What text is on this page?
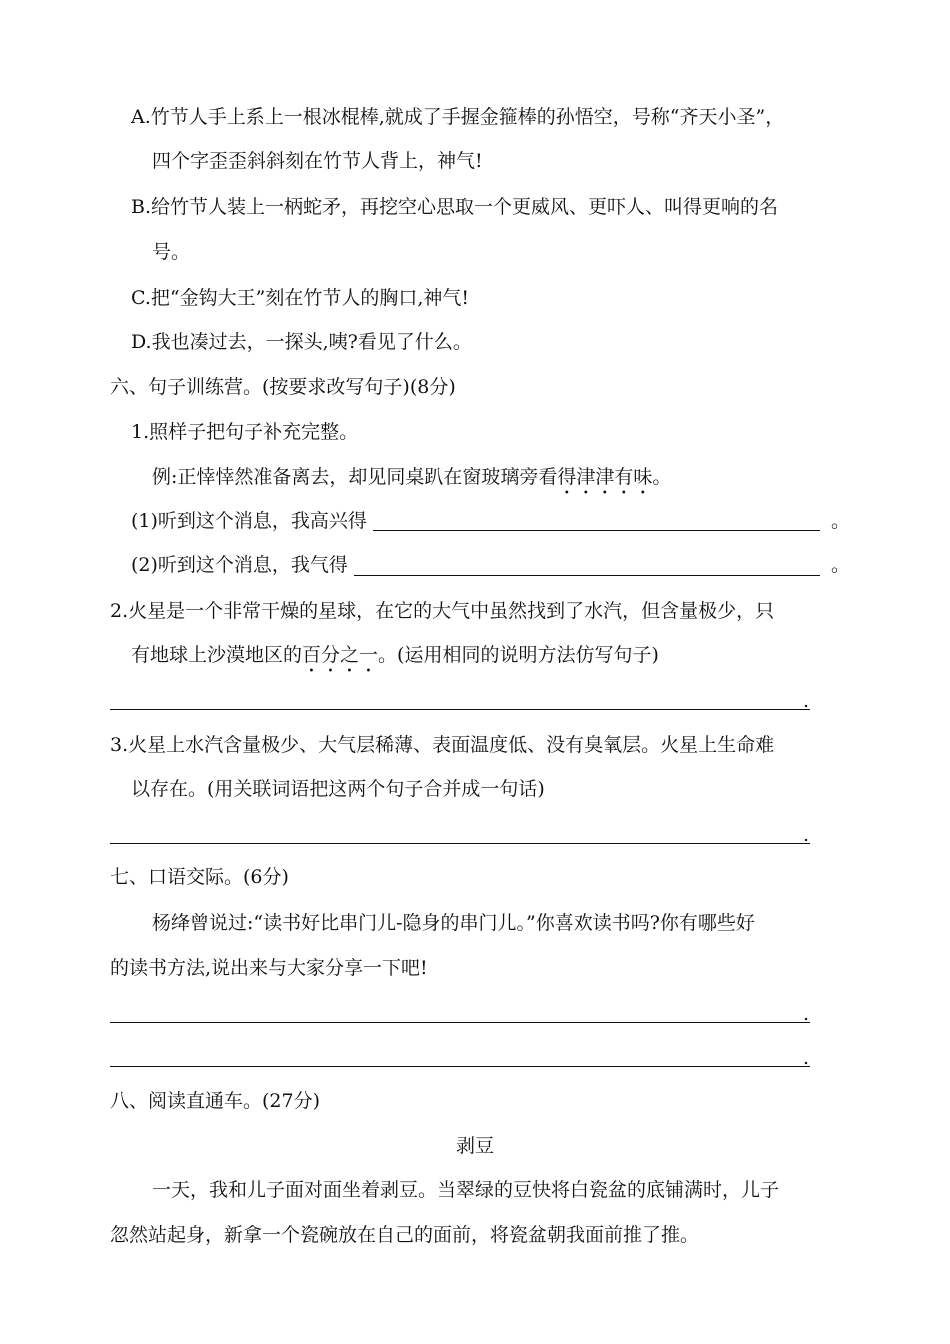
A.竹节人手上系上一根冰棍棒,就成了手握金箍棒的孙悟空，号称“齐天小圣”，
四个字歪歪斜斜刻在竹节人背上，神气!
B.给竹节人装上一柄蛇矛，再挖空心思取一个更威风、更吓人、叫得更响的名
号。
C.把“金钩大王”刻在竹节人的胸口,神气!
D.我也凑过去，一探头,咦?看见了什么。
六、句子训练营。(按要求改写句子)(8分)
1.照样子把句子补充完整。
例:正悻悻然准备离去，却见同桌趴在窗玻璃旁看得津津有味。
(1)听到这个消息，我高兴得	。
(2)听到这个消息，我气得	。
2.火星是一个非常干燥的星球，在它的大气中虽然找到了水汽，但含量极少，只
有地球上沙漠地区的百分之一。(运用相同的说明方法仿写句子)
.
3.火星上水汽含量极少、大气层稀薄、表面温度低、没有臭氧层。火星上生命难
以存在。(用关联词语把这两个句子合并成一句话)
.
七、口语交际。(6分)
杨绛曾说过:“读书好比串门儿-隐身的串门儿。”你喜欢读书吗?你有哪些好
的读书方法,说出来与大家分享一下吧!
.
.
八、阅读直通车。(27分)
剥豆
一天，我和儿子面对面坐着剥豆。当翠绿的豆快将白瓷盆的底铺满时，儿子
忽然站起身，新拿一个瓷碗放在自己的面前，将瓷盆朝我面前推了推。
